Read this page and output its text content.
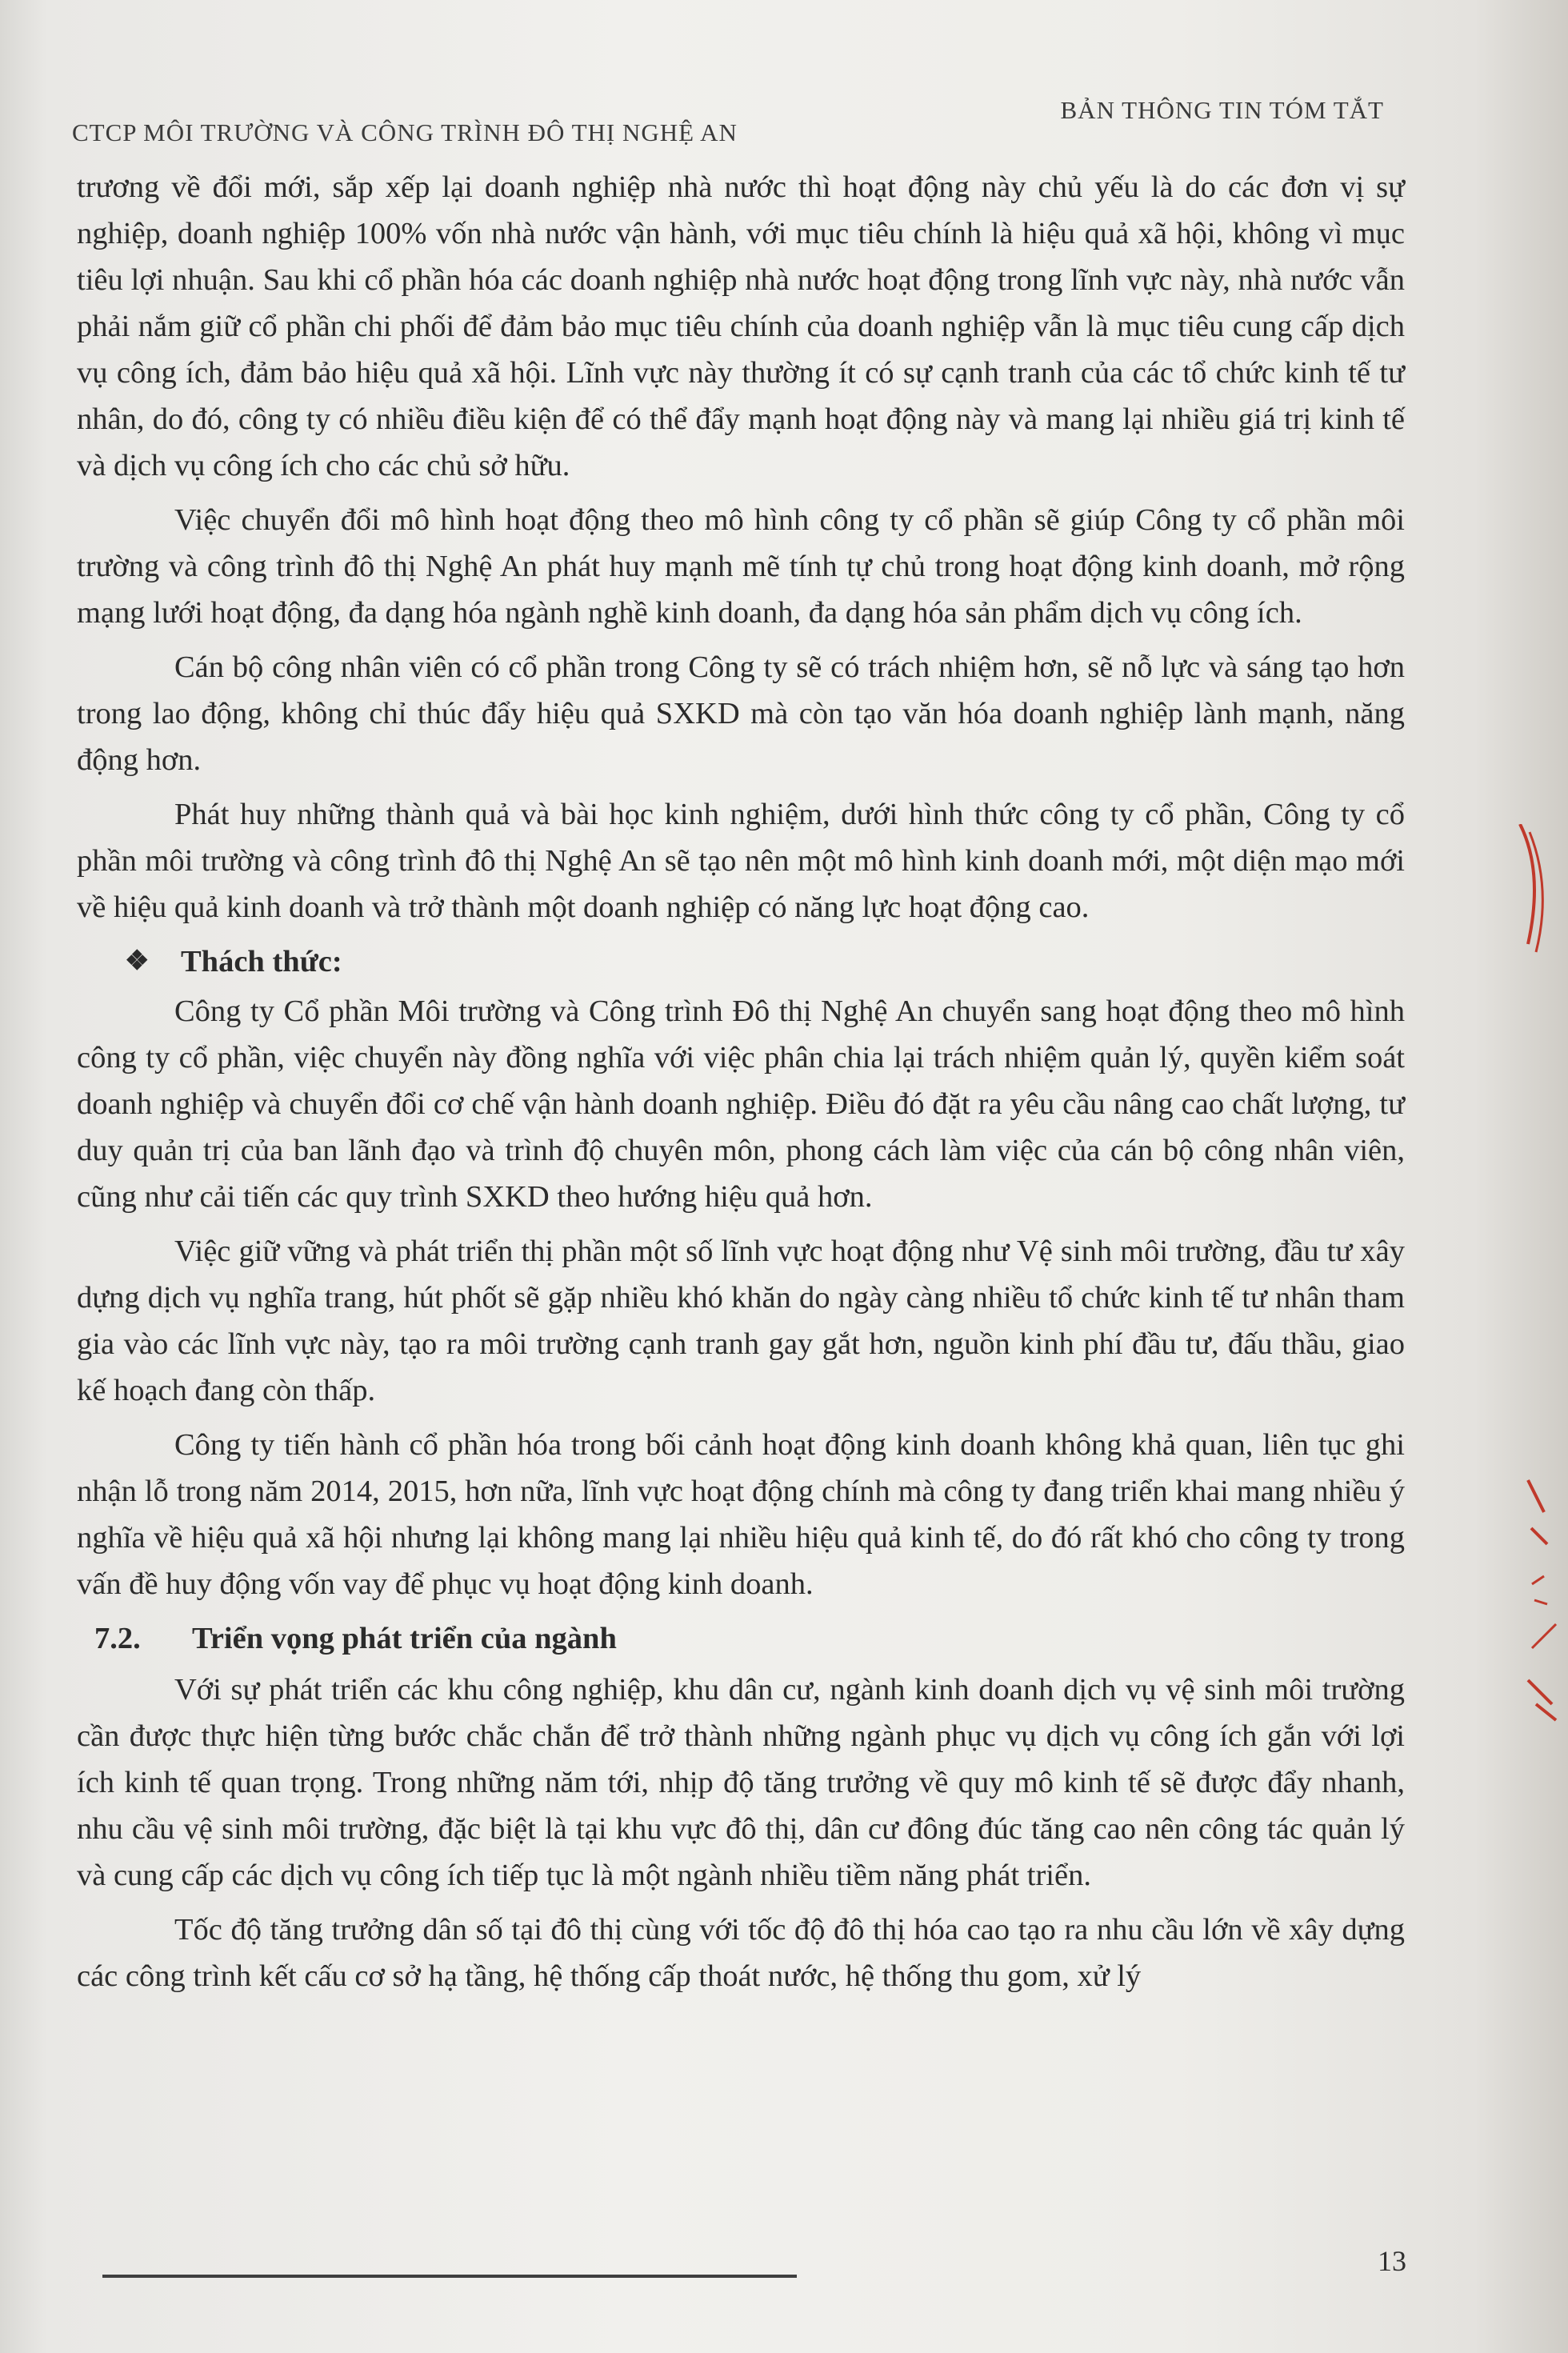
CTCP MÔI TRƯỜNG VÀ CÔNG TRÌNH ĐÔ THỊ NGHỆ AN
BẢN THÔNG TIN TÓM TẮT

trương về đổi mới, sắp xếp lại doanh nghiệp nhà nước thì hoạt động này chủ yếu là do các đơn vị sự nghiệp, doanh nghiệp 100% vốn nhà nước vận hành, với mục tiêu chính là hiệu quả xã hội, không vì mục tiêu lợi nhuận. Sau khi cổ phần hóa các doanh nghiệp nhà nước hoạt động trong lĩnh vực này, nhà nước vẫn phải nắm giữ cổ phần chi phối để đảm bảo mục tiêu chính của doanh nghiệp vẫn là mục tiêu cung cấp dịch vụ công ích, đảm bảo hiệu quả xã hội. Lĩnh vực này thường ít có sự cạnh tranh của các tổ chức kinh tế tư nhân, do đó, công ty có nhiều điều kiện để có thể đẩy mạnh hoạt động này và mang lại nhiều giá trị kinh tế và dịch vụ công ích cho các chủ sở hữu.

Việc chuyển đổi mô hình hoạt động theo mô hình công ty cổ phần sẽ giúp Công ty cổ phần môi trường và công trình đô thị Nghệ An phát huy mạnh mẽ tính tự chủ trong hoạt động kinh doanh, mở rộng mạng lưới hoạt động, đa dạng hóa ngành nghề kinh doanh, đa dạng hóa sản phẩm dịch vụ công ích.

Cán bộ công nhân viên có cổ phần trong Công ty sẽ có trách nhiệm hơn, sẽ nỗ lực và sáng tạo hơn trong lao động, không chỉ thúc đẩy hiệu quả SXKD mà còn tạo văn hóa doanh nghiệp lành mạnh, năng động hơn.

Phát huy những thành quả và bài học kinh nghiệm, dưới hình thức công ty cổ phần, Công ty cổ phần môi trường và công trình đô thị Nghệ An sẽ tạo nên một mô hình kinh doanh mới, một diện mạo mới về hiệu quả kinh doanh và trở thành một doanh nghiệp có năng lực hoạt động cao.

❖	Thách thức:

Công ty Cổ phần Môi trường và Công trình Đô thị Nghệ An chuyển sang hoạt động theo mô hình công ty cổ phần, việc chuyển này đồng nghĩa với việc phân chia lại trách nhiệm quản lý, quyền kiểm soát doanh nghiệp và chuyển đổi cơ chế vận hành doanh nghiệp. Điều đó đặt ra yêu cầu nâng cao chất lượng, tư duy quản trị của ban lãnh đạo và trình độ chuyên môn, phong cách làm việc của cán bộ công nhân viên, cũng như cải tiến các quy trình SXKD theo hướng hiệu quả hơn.

Việc giữ vững và phát triển thị phần một số lĩnh vực hoạt động như Vệ sinh môi trường, đầu tư xây dựng dịch vụ nghĩa trang, hút phốt sẽ gặp nhiều khó khăn do ngày càng nhiều tổ chức kinh tế tư nhân tham gia vào các lĩnh vực này, tạo ra môi trường cạnh tranh gay gắt hơn, nguồn kinh phí đầu tư, đấu thầu, giao kế hoạch đang còn thấp.

Công ty tiến hành cổ phần hóa trong bối cảnh hoạt động kinh doanh không khả quan, liên tục ghi nhận lỗ trong năm 2014, 2015, hơn nữa, lĩnh vực hoạt động chính mà công ty đang triển khai mang nhiều ý nghĩa về hiệu quả xã hội nhưng lại không mang lại nhiều hiệu quả kinh tế, do đó rất khó cho công ty trong vấn đề huy động vốn vay để phục vụ hoạt động kinh doanh.

7.2.	Triển vọng phát triển của ngành

Với sự phát triển các khu công nghiệp, khu dân cư, ngành kinh doanh dịch vụ vệ sinh môi trường cần được thực hiện từng bước chắc chắn để trở thành những ngành phục vụ dịch vụ công ích gắn với lợi ích kinh tế quan trọng. Trong những năm tới, nhịp độ tăng trưởng về quy mô kinh tế sẽ được đẩy nhanh, nhu cầu vệ sinh môi trường, đặc biệt là tại khu vực đô thị, dân cư đông đúc tăng cao nên công tác quản lý và cung cấp các dịch vụ công ích tiếp tục là một ngành nhiều tiềm năng phát triển.

Tốc độ tăng trưởng dân số tại đô thị cùng với tốc độ đô thị hóa cao tạo ra nhu cầu lớn về xây dựng các công trình kết cấu cơ sở hạ tầng, hệ thống cấp thoát nước, hệ thống thu gom, xử lý

13
